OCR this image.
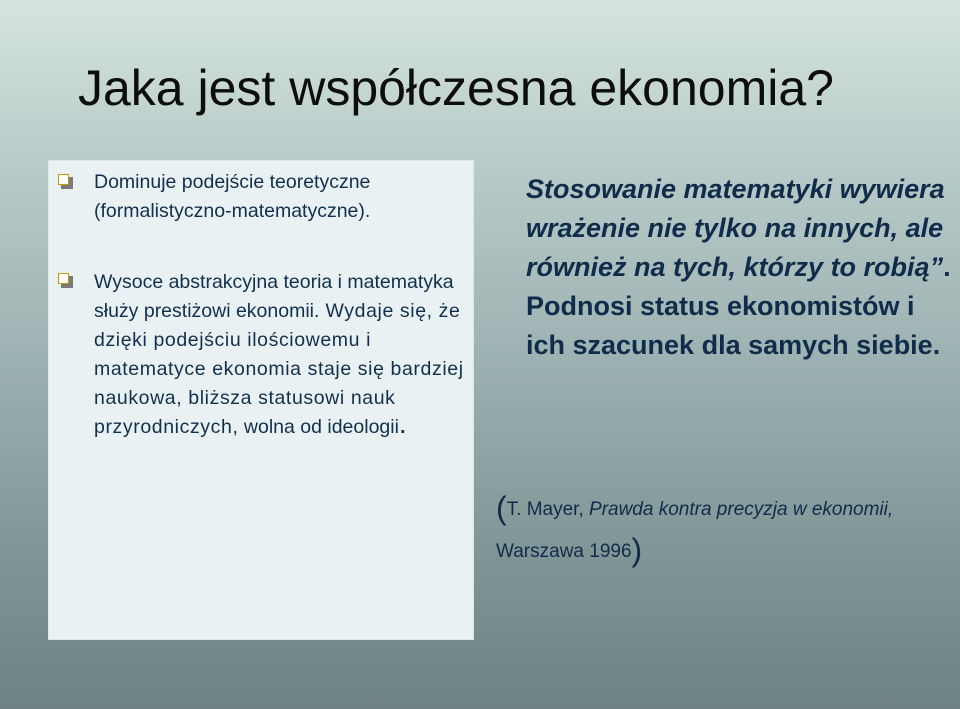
Jaka jest współczesna ekonomia?
Dominuje podejście teoretyczne (formalistyczno-matematyczne).
Wysoce abstrakcyjna teoria i matematyka służy prestiżowi ekonomii. Wydaje się, że dzięki podejściu ilościowemu i matematyce ekonomia staje się bardziej naukowa, bliższa statusowi nauk przyrodniczych, wolna od ideologii.
Stosowanie matematyki wywiera wrażenie nie tylko na innych, ale również na tych, którzy to robią”. Podnosi status ekonomistów i ich szacunek dla samych siebie.
(T. Mayer, Prawda kontra precyzja w ekonomii, Warszawa 1996)
